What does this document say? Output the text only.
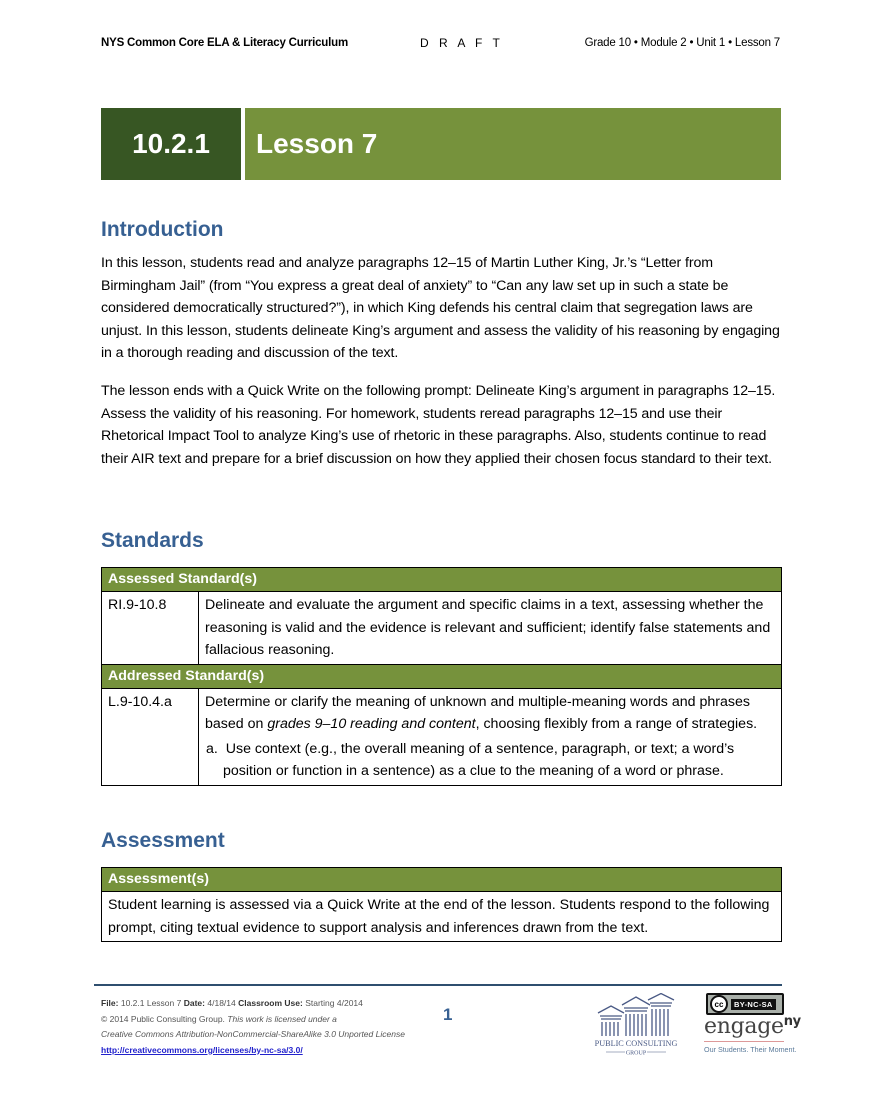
NYS Common Core ELA & Literacy Curriculum	D R A F T	Grade 10 • Module 2 • Unit 1 • Lesson 7
10.2.1	Lesson 7
Introduction

In this lesson, students read and analyze paragraphs 12–15 of Martin Luther King, Jr.’s “Letter from Birmingham Jail” (from “You express a great deal of anxiety” to “Can any law set up in such a state be considered democratically structured?”), in which King defends his central claim that segregation laws are unjust. In this lesson, students delineate King’s argument and assess the validity of his reasoning by engaging in a thorough reading and discussion of the text.

The lesson ends with a Quick Write on the following prompt: Delineate King’s argument in paragraphs 12–15. Assess the validity of his reasoning. For homework, students reread paragraphs 12–15 and use their Rhetorical Impact Tool to analyze King’s use of rhetoric in these paragraphs. Also, students continue to read their AIR text and prepare for a brief discussion on how they applied their chosen focus standard to their text.

Standards
Assessed Standard(s)	
RI.9-10.8	Delineate and evaluate the argument and specific claims in a text, assessing whether the reasoning is valid and the evidence is relevant and sufficient; identify false statements and fallacious reasoning.
Addressed Standard(s)	
L.9-10.4.a	Determine or clarify the meaning of unknown and multiple-meaning words and phrases based on grades 9–10 reading and content, choosing flexibly from a range of strategies.
a. Use context (e.g., the overall meaning of a sentence, paragraph, or text; a word’s position or function in a sentence) as a clue to the meaning of a word or phrase.
Assessment
Assessment(s)
Student learning is assessed via a Quick Write at the end of the lesson. Students respond to the following prompt, citing textual evidence to support analysis and inferences drawn from the text.
File: 10.2.1 Lesson 7 Date: 4/18/14 Classroom Use: Starting 4/2014
© 2014 Public Consulting Group. This work is licensed under a
Creative Commons Attribution-NonCommercial-ShareAlike 3.0 Unported License
http://creativecommons.org/licenses/by-nc-sa/3.0/
1
PUBLIC CONSULTING
GROUP
cc	BY-NC-SA
engage$^{ny}$
Our Students. Their Moment.
